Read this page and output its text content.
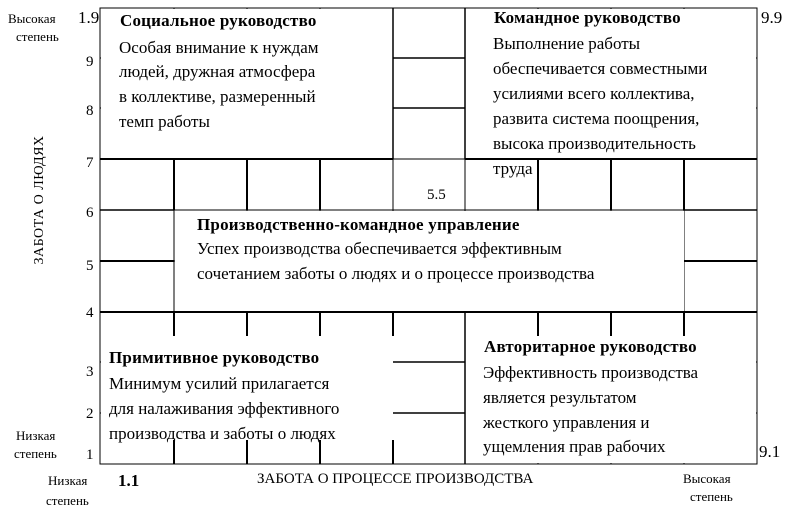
ЗАБОТА О ЛЮДЯХ
Высокая
степень
Низкая
степень 1
2
3
4
5
6
7
8
9
1.9	9.9
1.1
9.1
5.5
Низкая
степень
ЗАБОТА О ПРОЦЕССЕ ПРОИЗВОДСТВА	Высокая
степень
Социальное руководство
Особая внимание к нуждам
людей, дружная атмосфера
в коллективе, размеренный
темп работы
Командное руководство
Выполнение работы
обеспечивается совместными
усилиями всего коллектива,
развита система поощрения,
высока производительность
труда
Производственно-командное управление
Успех производства обеспечивается эффективным
сочетанием заботы о людях и о процессе производства
Примитивное руководство
Минимум усилий прилагается
для налаживания эффективного
производства и заботы о людях
Авторитарное руководство
Эффективность производства
является результатом
жесткого управления и
ущемления прав рабочих
